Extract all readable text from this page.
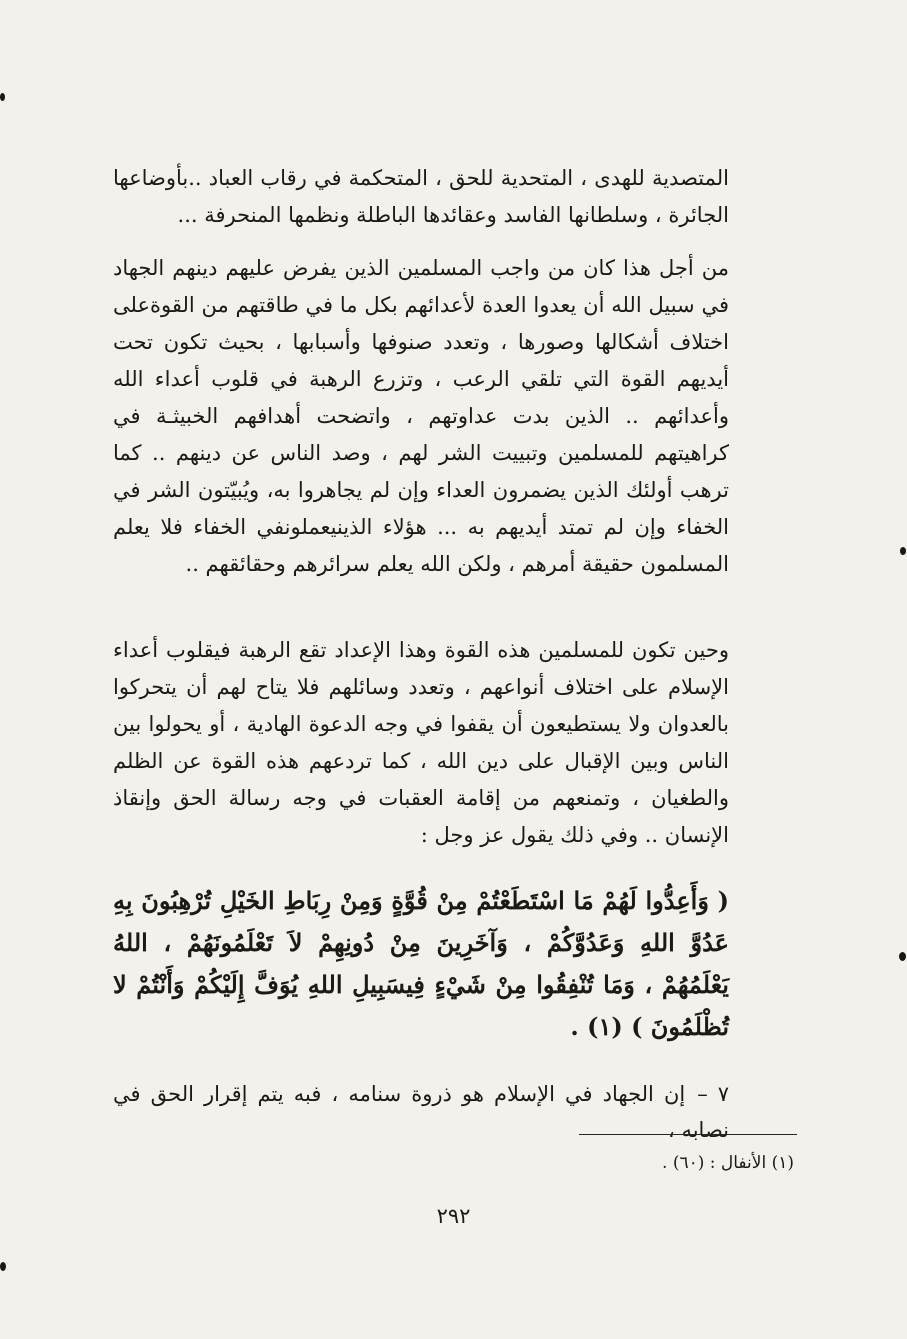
المتصدية للهدى ، المتحدية للحق ، المتحكمة في رقاب العباد ..بأوضاعها الجائرة ، وسلطانها الفاسد وعقائدها الباطلة ونظمها المنحرفة ...
من أجل هذا كان من واجب المسلمين الذين يفرض عليهم دينهم الجهاد في سبيل الله أن يعدوا العدة لأعدائهم بكل ما في طاقتهم من القوةعلى اختلاف أشكالها وصورها ، وتعدد صنوفها وأسبابها ، بحيث تكون تحت أيديهم القوة التي تلقي الرعب ، وتزرع الرهبة في قلوب أعداء الله وأعدائهم .. الذين بدت عداوتهم ، واتضحت أهدافهم الخبيثـة في كراهيتهم للمسلمين وتبييت الشر لهم ، وصد الناس عن دينهم .. كما ترهب أولئك الذين يضمرون العداء وإن لم يجاهروا به، ويُبيّتون الشر في الخفاء وإن لم تمتد أيديهم به ... هؤلاء الذينيعملونفي الخفاء فلا يعلم المسلمون حقيقة أمرهم ، ولكن الله يعلم سرائرهم وحقائقهم ..
وحين تكون للمسلمين هذه القوة وهذا الإعداد تقع الرهبة فيقلوب أعداء الإسلام على اختلاف أنواعهم ، وتعدد وسائلهم فلا يتاح لهم أن يتحركوا بالعدوان ولا يستطيعون أن يقفوا في وجه الدعوة الهادية ، أو يحولوا بين الناس وبين الإقبال على دين الله ، كما تردعهم هذه القوة عن الظلم والطغيان ، وتمنعهم من إقامة العقبات في وجه رسالة الحق وإنقاذ الإنسان .. وفي ذلك يقول عز وجل :
( وَأَعِدُّوا لَهُمْ مَا اسْتَطَعْتُمْ مِنْ قُوَّةٍ وَمِنْ رِبَاطِ الخَيْلِ تُرْهِبُونَ بِهِ عَدُوَّ اللهِ وَعَدُوَّكُمْ ، وَآخَرِينَ مِنْ دُونِهِمْ لاَ تَعْلَمُونَهُمْ ، اللهُ يَعْلَمُهُمْ ، وَمَا تُنْفِقُوا مِنْ شَيْءٍ فِيسَبِيلِ اللهِ يُوَفَّ إِلَيْكُمْ وَأَنْتُمْ لا تُظْلَمُونَ ) (١) .
٧–إن الجهاد في الإسلام هو ذروة سنامه ، فبه يتم إقرار الحق في نصابه ،
(١) الأنفال : (٦٠) .
٢٩٢
